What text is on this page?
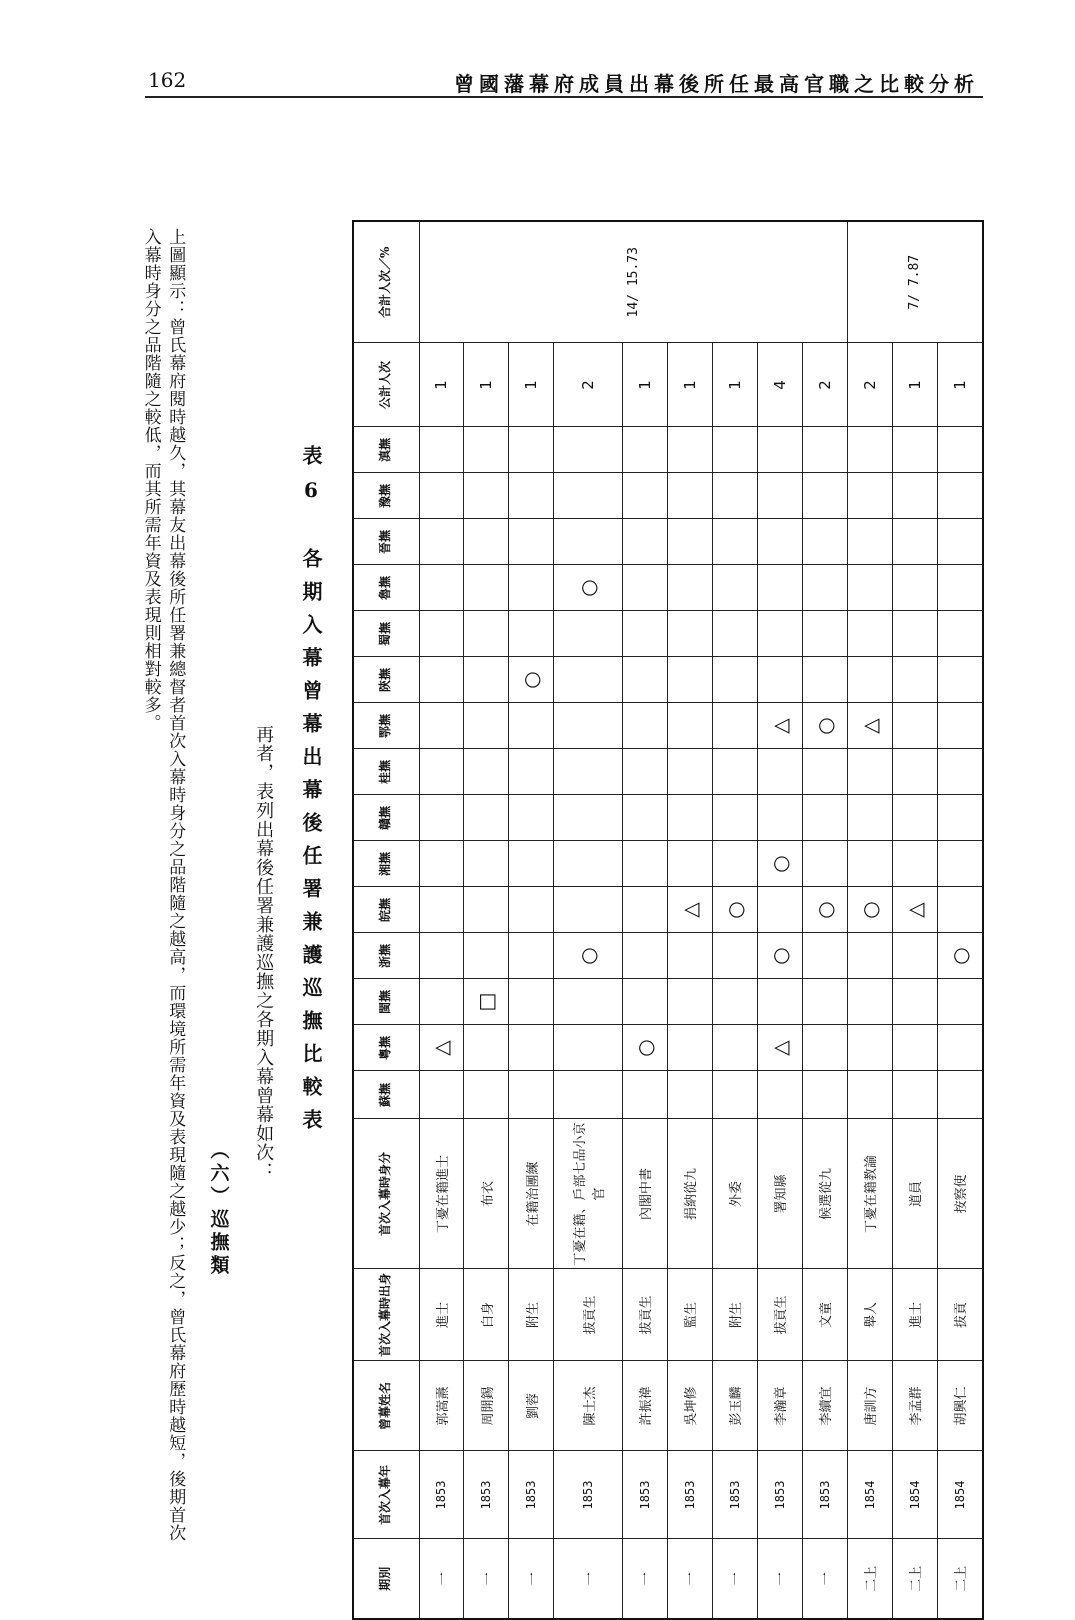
162	曾國藩幕府成員出幕後所任最高官職之比較分析
上圖顯示：曾氏幕府閱時越久，其幕友出幕後所任署兼總督者首次入幕時身分之品階隨之越高，而環境所需年資及表現隨之越少；反之，曾氏幕府歷時越短，後期首次入幕時身分之品階隨之較低，而其所需年資及表現則相對較多。
（六）巡撫類
再者，表列出幕後任署兼護巡撫之各期入幕曾幕如次： 表6　各期入幕曾幕出幕後任署兼護巡撫比較表
期別	首次入幕年	曾幕姓名	首次入幕時出身	首次入幕時身分	蘇撫	粵撫	閩撫	浙撫	皖撫	湘撫	贛撫	桂撫	鄂撫	陝撫	蜀撫	魯撫	晉撫	豫撫	滇撫	公計人次	合計人次／%
一	1853	郭嵩燾	進士	丁憂在籍進士		△														1	14/ 15.73
一	1853	周開錫	白身	布衣			□													1	
一	1853	劉蓉	附生	在籍治團練										○						1	
一	1853	陳士杰	拔貢生	丁憂在籍、戶部七品小京官				○								○				2	
一	1853	許振禕	拔貢生	內閣中書		○														1	
一	1853	吳坤修	監生	捐納從九					△											1	
一	1853	彭玉麟	附生	外委					○											1	
一	1853	李瀚章	拔貢生	署知縣		△		○		○			△							4	
一	1853	李續宜	文童	候選從九					○				○							2	
二上	1854	唐訓方	舉人	丁憂在籍教諭					○				△							2	7/ 7.87
二上	1854	李孟群	進士	道員					△											1	
二上	1854	胡興仁	拔貢	按察使				○												1	
